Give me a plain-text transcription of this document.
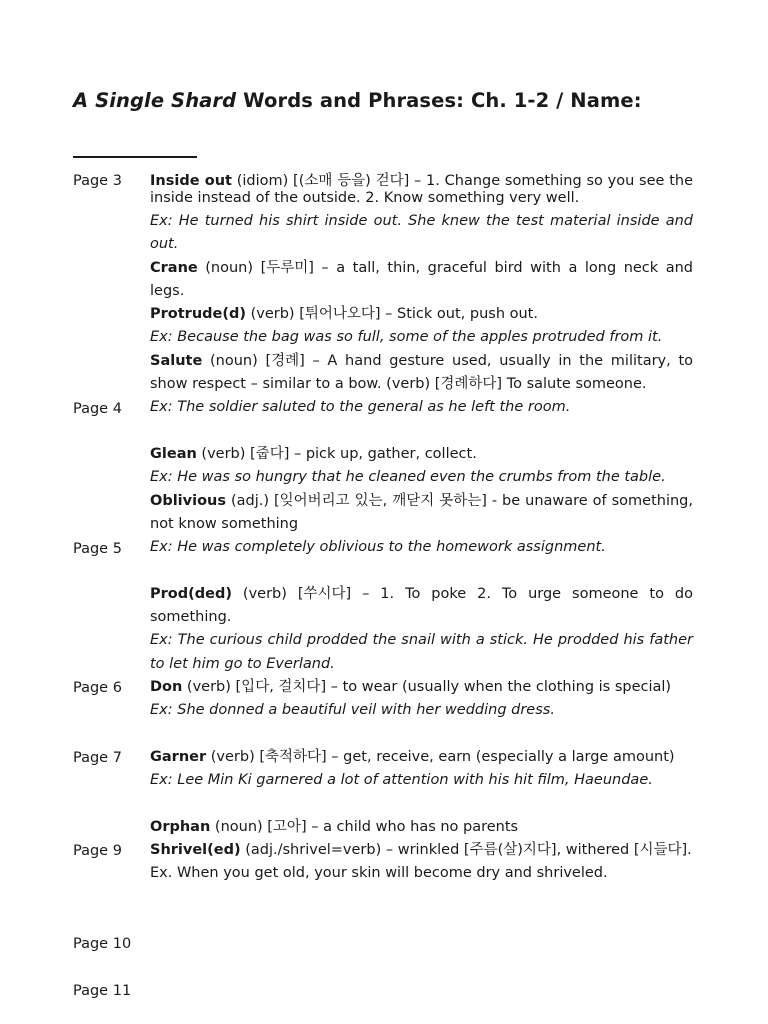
A Single Shard Words and Phrases: Ch. 1-2 / Name:
Page 3
Page 4
Page 5
Page 6
Page 7
Page 9
Page 10
Page 11
Inside out (idiom) [(소매 등을) 걷다] – 1. Change something so you see the inside instead of the outside. 2. Know something very well.
Ex: He turned his shirt inside out. She knew the test material inside and out.
Crane (noun) [두루미] – a tall, thin, graceful bird with a long neck and legs.
Protrude(d) (verb) [튀어나오다] – Stick out, push out.
Ex: Because the bag was so full, some of the apples protruded from it.
Salute (noun) [경례] – A hand gesture used, usually in the military, to show respect – similar to a bow. (verb) [경례하다] To salute someone.
Ex: The soldier saluted to the general as he left the room.
Glean (verb) [줍다] – pick up, gather, collect.
Ex: He was so hungry that he cleaned even the crumbs from the table.
Oblivious (adj.) [잊어버리고 있는, 깨닫지 못하는] - be unaware of something, not know something
Ex: He was completely oblivious to the homework assignment.
Prod(ded) (verb) [쑤시다] – 1. To poke 2. To urge someone to do something.
Ex: The curious child prodded the snail with a stick. He prodded his father to let him go to Everland.
Don (verb) [입다, 걸치다] – to wear (usually when the clothing is special)
Ex: She donned a beautiful veil with her wedding dress.
Garner (verb) [축적하다] – get, receive, earn (especially a large amount)
Ex: Lee Min Ki garnered a lot of attention with his hit film, Haeundae.
Orphan (noun) [고아] – a child who has no parents
Shrivel(ed) (adj./shrivel=verb) – wrinkled [주름(살)지다], withered [시들다].
Ex. When you get old, your skin will become dry and shriveled.
